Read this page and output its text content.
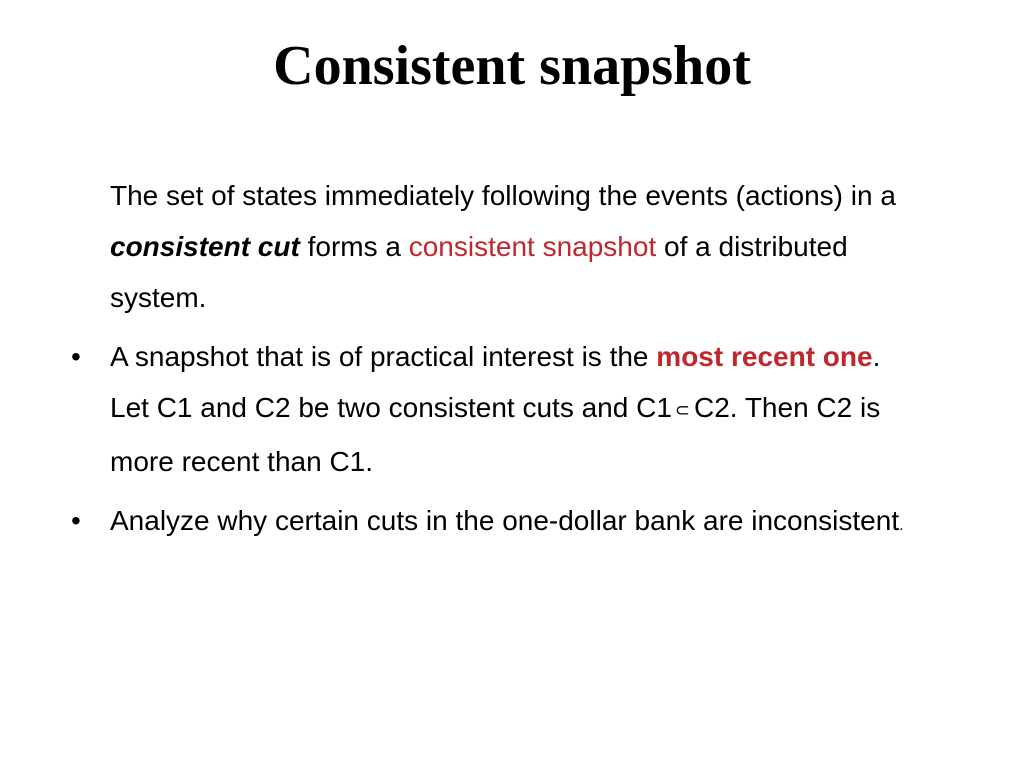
Consistent snapshot

The set of states immediately following the events (actions) in a consistent cut forms a consistent snapshot of a distributed system.

• A snapshot that is of practical interest is the most recent one. Let C1 and C2 be two consistent cuts and C1 ⊂ C2. Then C2 is more recent than C1.

• Analyze why certain cuts in the one-dollar bank are inconsistent.
